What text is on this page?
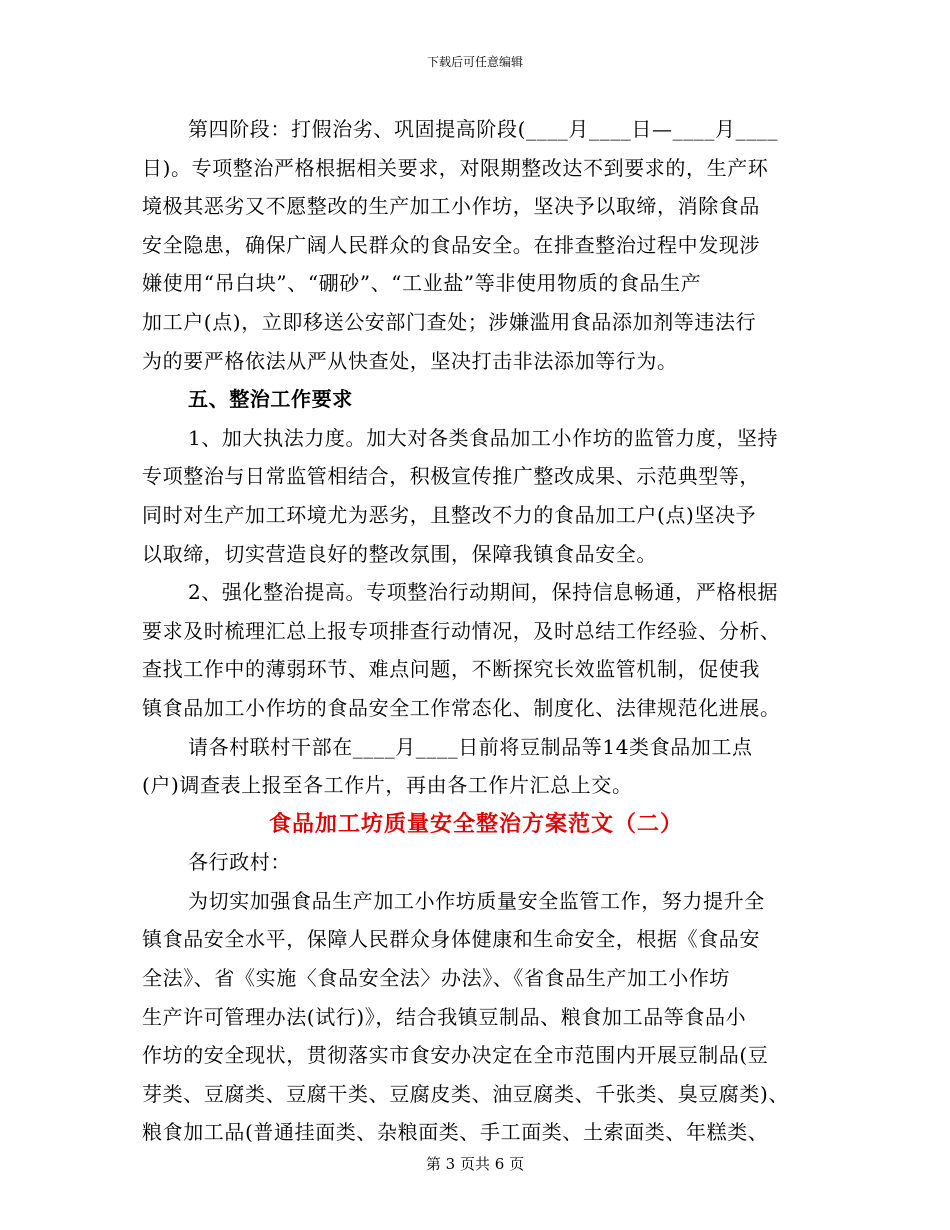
下载后可任意编辑
第四阶段：打假治劣、巩固提高阶段(____月____日—____月____
日)。专项整治严格根据相关要求，对限期整改达不到要求的，生产环
境极其恶劣又不愿整改的生产加工小作坊，坚决予以取缔，消除食品
安全隐患，确保广阔人民群众的食品安全。在排查整治过程中发现涉
嫌使用“吊白块”、“硼砂”、“工业盐”等非使用物质的食品生产
加工户(点)，立即移送公安部门查处；涉嫌滥用食品添加剂等违法行
为的要严格依法从严从快查处，坚决打击非法添加等行为。
五、整治工作要求
1、加大执法力度。加大对各类食品加工小作坊的监管力度，坚持
专项整治与日常监管相结合，积极宣传推广整改成果、示范典型等，
同时对生产加工环境尤为恶劣，且整改不力的食品加工户(点)坚决予
以取缔，切实营造良好的整改氛围，保障我镇食品安全。
2、强化整治提高。专项整治行动期间，保持信息畅通，严格根据
要求及时梳理汇总上报专项排查行动情况，及时总结工作经验、分析、
查找工作中的薄弱环节、难点问题，不断探究长效监管机制，促使我
镇食品加工小作坊的食品安全工作常态化、制度化、法律规范化进展。
请各村联村干部在____月____日前将豆制品等14类食品加工点
(户)调查表上报至各工作片，再由各工作片汇总上交。
食品加工坊质量安全整治方案范文（二）
各行政村：
为切实加强食品生产加工小作坊质量安全监管工作，努力提升全
镇食品安全水平，保障人民群众身体健康和生命安全，根据《食品安
全法》、省《实施〈食品安全法〉办法》、《省食品生产加工小作坊
生产许可管理办法(试行)》，结合我镇豆制品、粮食加工品等食品小
作坊的安全现状，贯彻落实市食安办决定在全市范围内开展豆制品(豆
芽类、豆腐类、豆腐干类、豆腐皮类、油豆腐类、千张类、臭豆腐类)、
粮食加工品(普通挂面类、杂粮面类、手工面类、土索面类、年糕类、
第 3 页共 6 页
